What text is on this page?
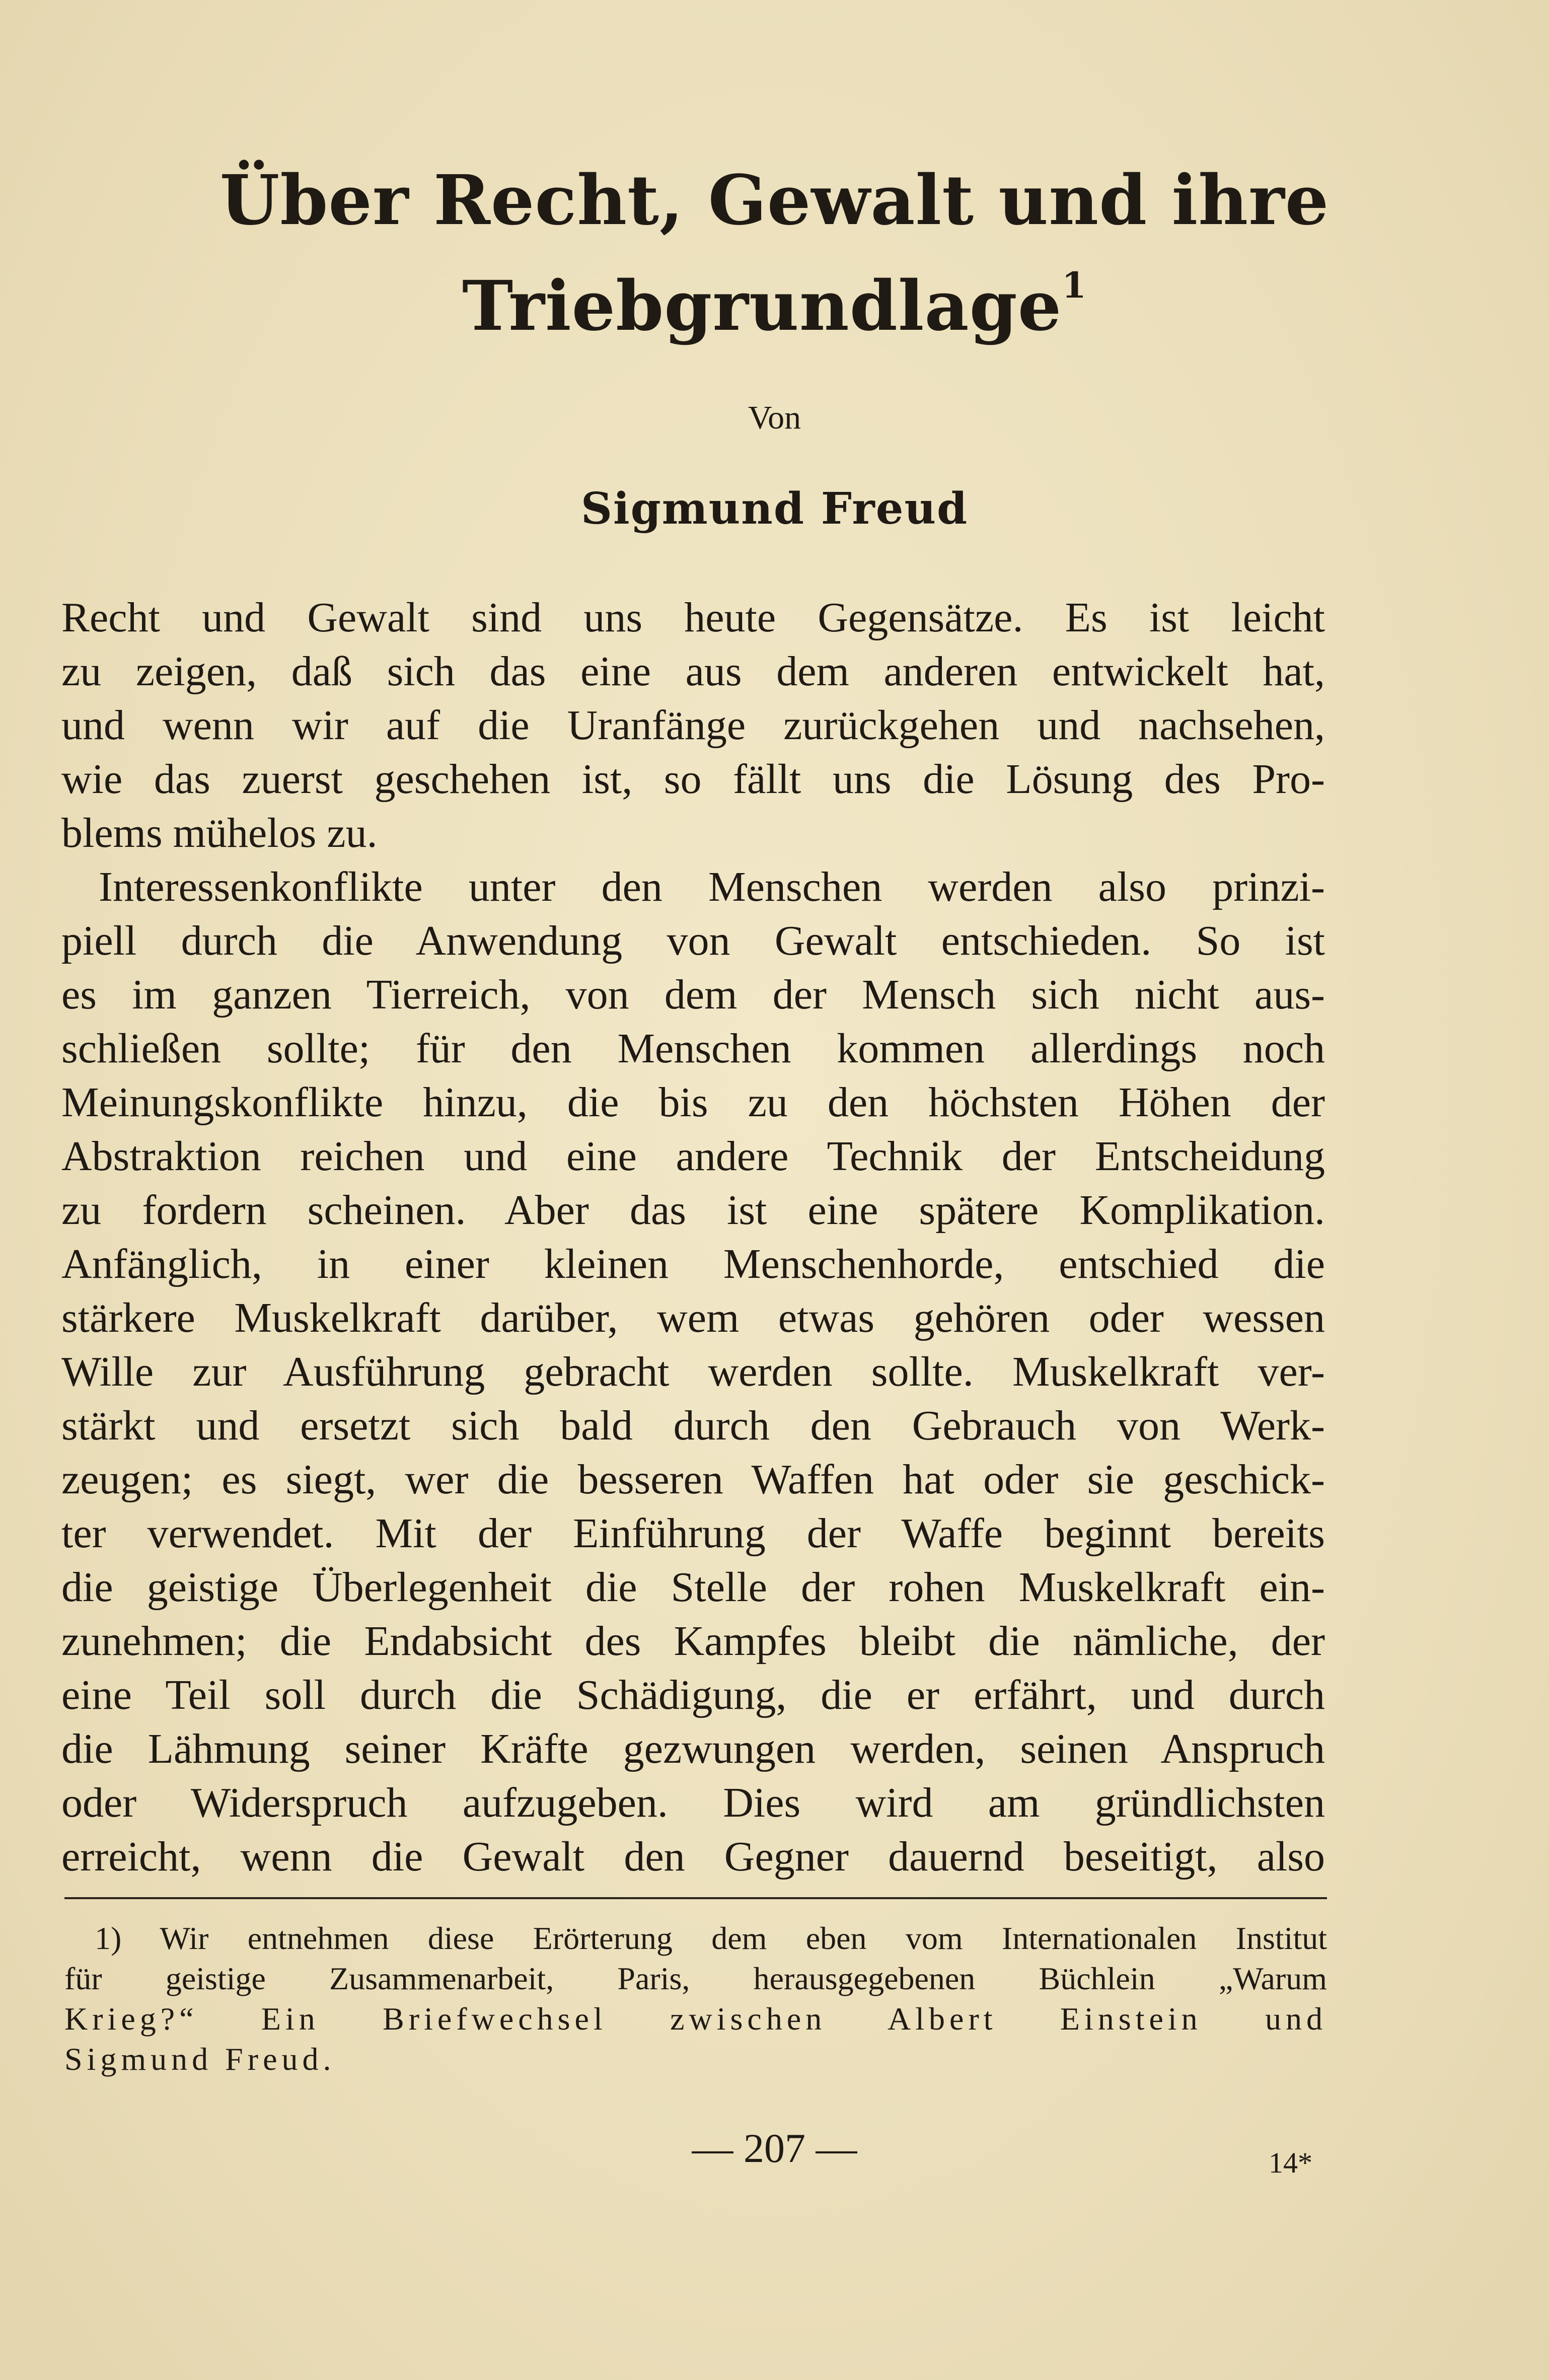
Über Recht, Gewalt und ihre
Triebgrundlage$^1$

Von

Sigmund Freud

Recht und Gewalt sind uns heute Gegensätze. Es ist leicht
zu zeigen, daß sich das eine aus dem anderen entwickelt hat,
und wenn wir auf die Uranfänge zurückgehen und nachsehen,
wie das zuerst geschehen ist, so fällt uns die Lösung des Pro-
blems mühelos zu.
Interessenkonflikte unter den Menschen werden also prinzi-
piell durch die Anwendung von Gewalt entschieden. So ist
es im ganzen Tierreich, von dem der Mensch sich nicht aus-
schließen sollte; für den Menschen kommen allerdings noch
Meinungskonflikte hinzu, die bis zu den höchsten Höhen der
Abstraktion reichen und eine andere Technik der Entscheidung
zu fordern scheinen. Aber das ist eine spätere Komplikation.
Anfänglich, in einer kleinen Menschenhorde, entschied die
stärkere Muskelkraft darüber, wem etwas gehören oder wessen
Wille zur Ausführung gebracht werden sollte. Muskelkraft ver-
stärkt und ersetzt sich bald durch den Gebrauch von Werk-
zeugen; es siegt, wer die besseren Waffen hat oder sie geschick-
ter verwendet. Mit der Einführung der Waffe beginnt bereits
die geistige Überlegenheit die Stelle der rohen Muskelkraft ein-
zunehmen; die Endabsicht des Kampfes bleibt die nämliche, der
eine Teil soll durch die Schädigung, die er erfährt, und durch
die Lähmung seiner Kräfte gezwungen werden, seinen Anspruch
oder Widerspruch aufzugeben. Dies wird am gründlichsten
erreicht, wenn die Gewalt den Gegner dauernd beseitigt, also
1) Wir entnehmen diese Erörterung dem eben vom Internationalen Institut
für geistige Zusammenarbeit, Paris, herausgegebenen Büchlein „Warum
Krieg?“ Ein Briefwechsel zwischen Albert Einstein und
Sigmund Freud.

— 207 —	14*
